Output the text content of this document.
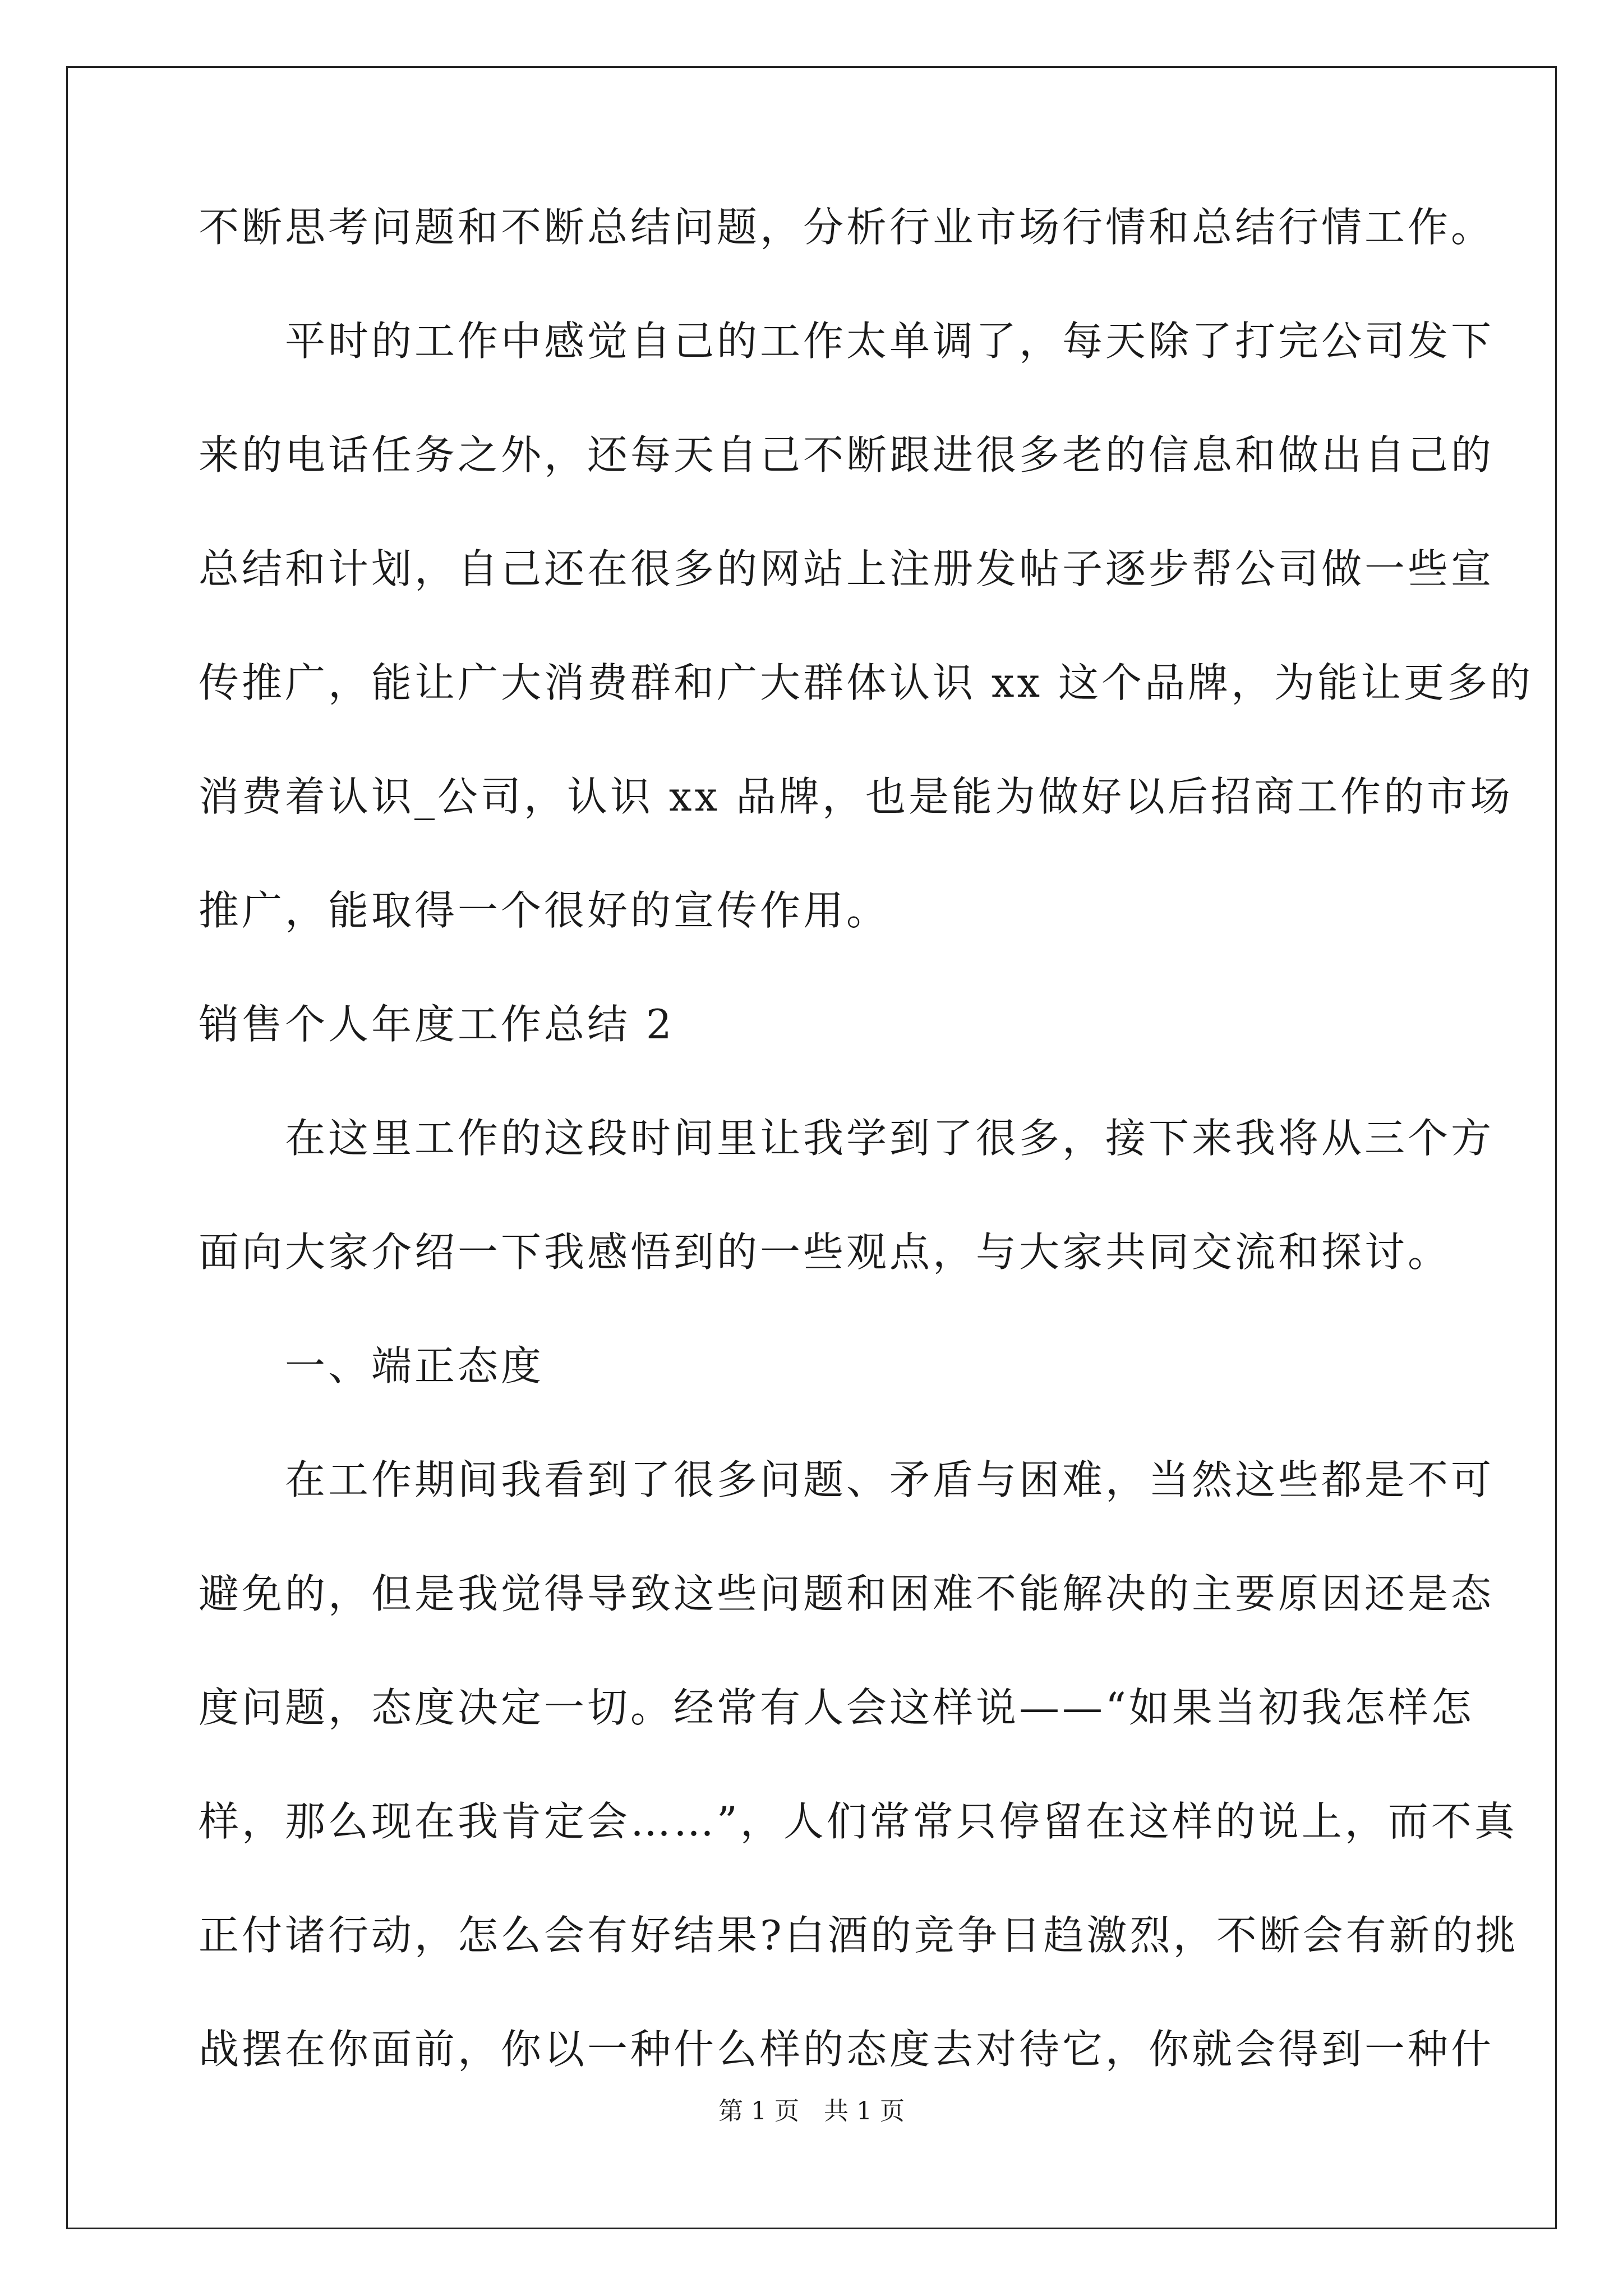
不断思考问题和不断总结问题，分析行业市场行情和总结行情工作。
　　平时的工作中感觉自己的工作太单调了，每天除了打完公司发下
来的电话任务之外，还每天自己不断跟进很多老的信息和做出自己的
总结和计划，自己还在很多的网站上注册发帖子逐步帮公司做一些宣
传推广，能让广大消费群和广大群体认识 xx 这个品牌，为能让更多的
消费着认识_公司，认识 xx 品牌，也是能为做好以后招商工作的市场
推广，能取得一个很好的宣传作用。
销售个人年度工作总结 2
　　在这里工作的这段时间里让我学到了很多，接下来我将从三个方
面向大家介绍一下我感悟到的一些观点，与大家共同交流和探讨。
　　一、端正态度
　　在工作期间我看到了很多问题、矛盾与困难，当然这些都是不可
避免的，但是我觉得导致这些问题和困难不能解决的主要原因还是态
度问题，态度决定一切。经常有人会这样说——“如果当初我怎样怎
样，那么现在我肯定会……”，人们常常只停留在这样的说上，而不真
正付诸行动，怎么会有好结果?白酒的竞争日趋激烈，不断会有新的挑
战摆在你面前，你以一种什么样的态度去对待它，你就会得到一种什
第 1 页　共 1 页
